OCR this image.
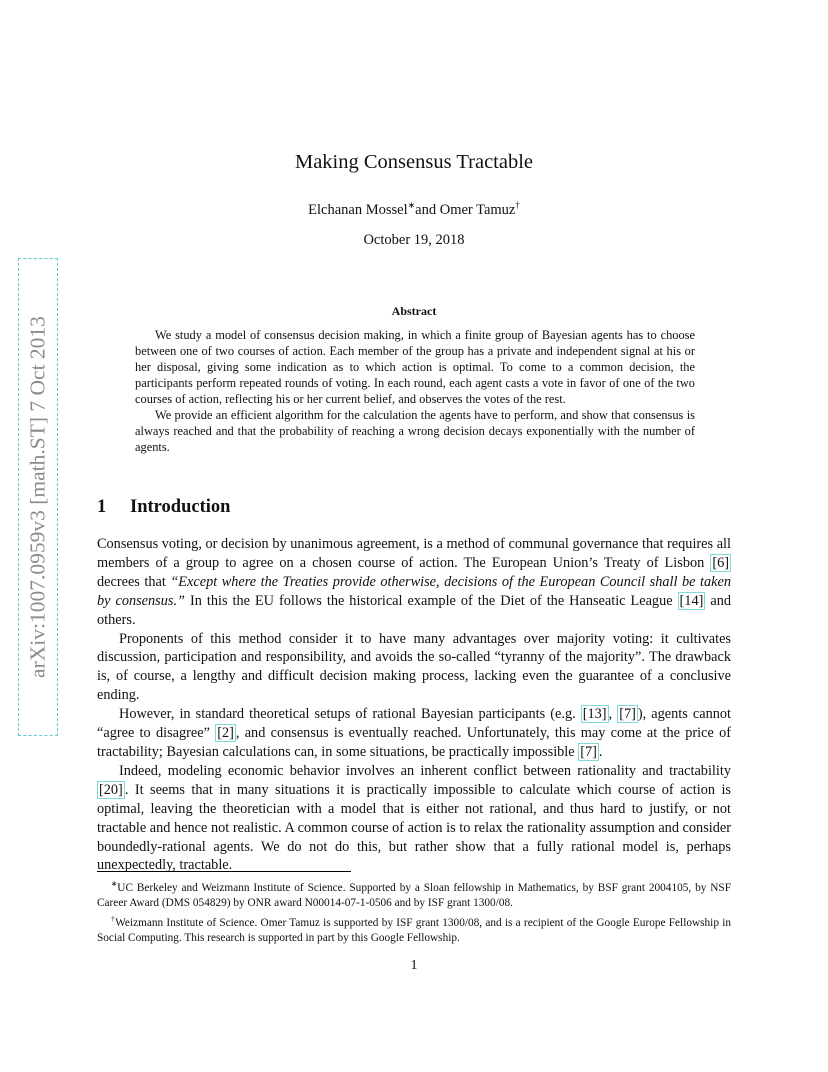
arXiv:1007.0959v3 [math.ST] 7 Oct 2013
Making Consensus Tractable
Elchanan Mossel∗and Omer Tamuz†
October 19, 2018
Abstract

We study a model of consensus decision making, in which a finite group of Bayesian agents has to choose between one of two courses of action. Each member of the group has a private and independent signal at his or her disposal, giving some indication as to which action is optimal. To come to a common decision, the participants perform repeated rounds of voting. In each round, each agent casts a vote in favor of one of the two courses of action, reflecting his or her current belief, and observes the votes of the rest.

We provide an efficient algorithm for the calculation the agents have to perform, and show that consensus is always reached and that the probability of reaching a wrong decision decays exponentially with the number of agents.

1 Introduction

Consensus voting, or decision by unanimous agreement, is a method of communal governance that requires all members of a group to agree on a chosen course of action. The European Union’s Treaty of Lisbon [6] decrees that “Except where the Treaties provide otherwise, decisions of the European Council shall be taken by consensus.” In this the EU follows the historical example of the Diet of the Hanseatic League [14] and others.

Proponents of this method consider it to have many advantages over majority voting: it cultivates discussion, participation and responsibility, and avoids the so-called “tyranny of the majority”. The drawback is, of course, a lengthy and difficult decision making process, lacking even the guarantee of a conclusive ending.

However, in standard theoretical setups of rational Bayesian participants (e.g. [13] , [7] ), agents cannot “agree to disagree” [2] , and consensus is eventually reached. Unfortunately, this may come at the price of tractability; Bayesian calculations can, in some situations, be practically impossible [7] .

Indeed, modeling economic behavior involves an inherent conflict between rationality and tractability [20] . It seems that in many situations it is practically impossible to calculate which course of action is optimal, leaving the theoretician with a model that is either not rational, and thus hard to justify, or not tractable and hence not realistic. A common course of action is to relax the rationality assumption and consider boundedly-rational agents. We do not do this, but rather show that a fully rational model is, perhaps unexpectedly, tractable.

∗UC Berkeley and Weizmann Institute of Science. Supported by a Sloan fellowship in Mathematics, by BSF grant 2004105, by NSF Career Award (DMS 054829) by ONR award N00014-07-1-0506 and by ISF grant 1300/08.

†Weizmann Institute of Science. Omer Tamuz is supported by ISF grant 1300/08, and is a recipient of the Google Europe Fellowship in Social Computing. This research is supported in part by this Google Fellowship.

1
